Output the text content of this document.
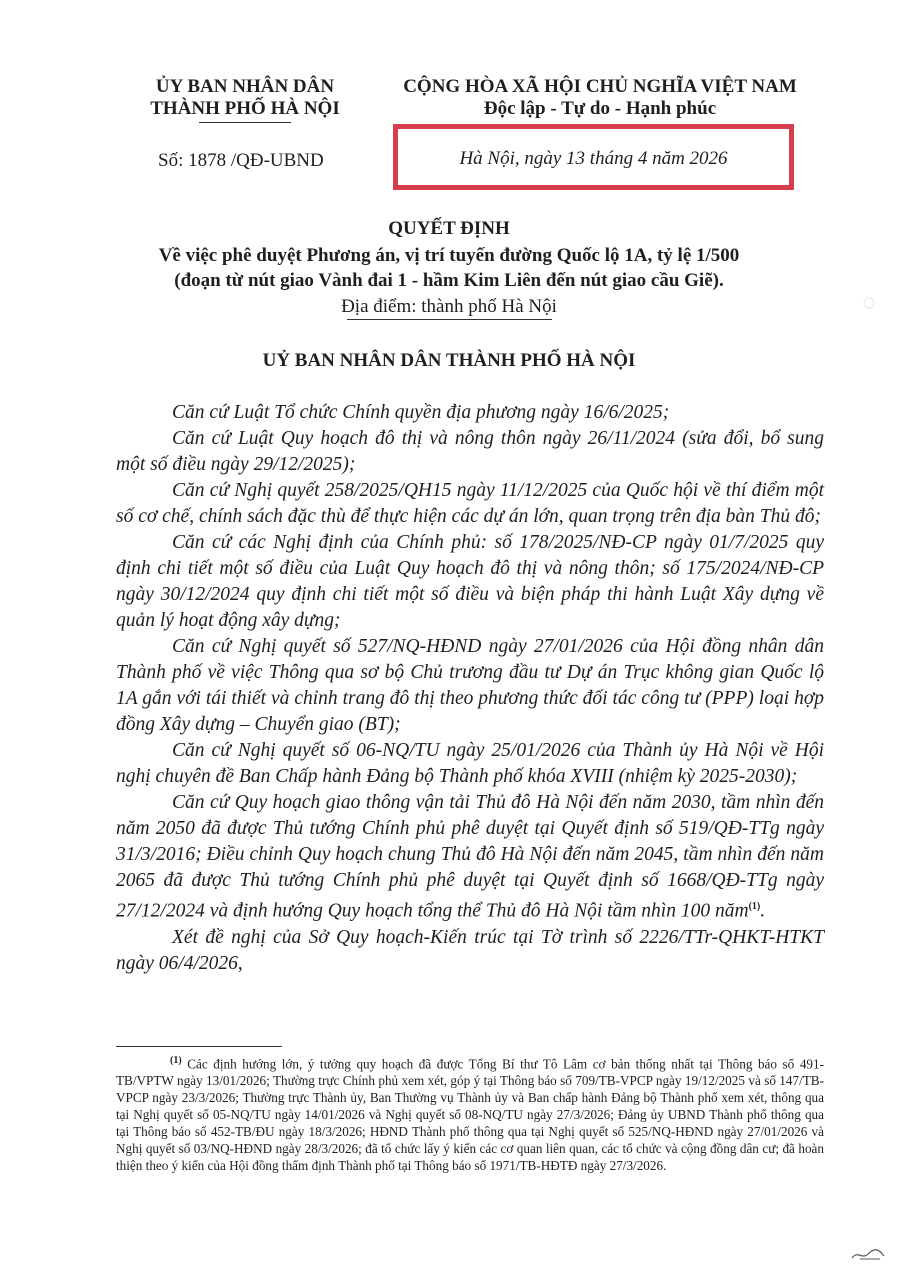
ỦY BAN NHÂN DÂN
THÀNH PHỐ HÀ NỘI
Số: 1878 /QĐ-UBND
CỘNG HÒA XÃ HỘI CHỦ NGHĨA VIỆT NAM
Độc lập - Tự do - Hạnh phúc
Hà Nội, ngày 13 tháng 4 năm 2026
QUYẾT ĐỊNH
Về việc phê duyệt Phương án, vị trí tuyến đường Quốc lộ 1A, tỷ lệ 1/500
(đoạn từ nút giao Vành đai 1 - hầm Kim Liên đến nút giao cầu Giẽ).
Địa điểm: thành phố Hà Nội
UỶ BAN NHÂN DÂN THÀNH PHỐ HÀ NỘI

Căn cứ Luật Tổ chức Chính quyền địa phương ngày 16/6/2025;

Căn cứ Luật Quy hoạch đô thị và nông thôn ngày 26/11/2024 (sửa đổi, bổ sung một số điều ngày 29/12/2025);

Căn cứ Nghị quyết 258/2025/QH15 ngày 11/12/2025 của Quốc hội về thí điểm một số cơ chế, chính sách đặc thù để thực hiện các dự án lớn, quan trọng trên địa bàn Thủ đô;

Căn cứ các Nghị định của Chính phủ: số 178/2025/NĐ-CP ngày 01/7/2025 quy định chi tiết một số điều của Luật Quy hoạch đô thị và nông thôn; số 175/2024/NĐ-CP ngày 30/12/2024 quy định chi tiết một số điều và biện pháp thi hành Luật Xây dựng về quản lý hoạt động xây dựng;

Căn cứ Nghị quyết số 527/NQ-HĐND ngày 27/01/2026 của Hội đồng nhân dân Thành phố về việc Thông qua sơ bộ Chủ trương đầu tư Dự án Trục không gian Quốc lộ 1A gắn với tái thiết và chỉnh trang đô thị theo phương thức đối tác công tư (PPP) loại hợp đồng Xây dựng – Chuyển giao (BT);

Căn cứ Nghị quyết số 06-NQ/TU ngày 25/01/2026 của Thành ủy Hà Nội về Hội nghị chuyên đề Ban Chấp hành Đảng bộ Thành phố khóa XVIII (nhiệm kỳ 2025-2030);

Căn cứ Quy hoạch giao thông vận tải Thủ đô Hà Nội đến năm 2030, tầm nhìn đến năm 2050 đã được Thủ tướng Chính phủ phê duyệt tại Quyết định số 519/QĐ-TTg ngày 31/3/2016; Điều chỉnh Quy hoạch chung Thủ đô Hà Nội đến năm 2045, tầm nhìn đến năm 2065 đã được Thủ tướng Chính phủ phê duyệt tại Quyết định số 1668/QĐ-TTg ngày 27/12/2024 và định hướng Quy hoạch tổng thể Thủ đô Hà Nội tầm nhìn 100 năm$^{(1)}$.

Xét đề nghị của Sở Quy hoạch-Kiến trúc tại Tờ trình số 2226/TTr-QHKT-HTKT ngày 06/4/2026,

$^{(1)}$ Các định hướng lớn, ý tưởng quy hoạch đã được Tổng Bí thư Tô Lâm cơ bản thống nhất tại Thông báo số 491-TB/VPTW ngày 13/01/2026; Thường trực Chính phủ xem xét, góp ý tại Thông báo số 709/TB-VPCP ngày 19/12/2025 và số 147/TB-VPCP ngày 23/3/2026; Thường trực Thành ủy, Ban Thường vụ Thành ủy và Ban chấp hành Đảng bộ Thành phố xem xét, thông qua tại Nghị quyết số 05-NQ/TU ngày 14/01/2026 và Nghị quyết số 08-NQ/TU ngày 27/3/2026; Đảng ủy UBND Thành phố thông qua tại Thông báo số 452-TB/ĐU ngày 18/3/2026; HĐND Thành phố thông qua tại Nghị quyết số 525/NQ-HĐND ngày 27/01/2026 và Nghị quyết số 03/NQ-HĐND ngày 28/3/2026; đã tổ chức lấy ý kiến các cơ quan liên quan, các tổ chức và cộng đồng dân cư; đã hoàn thiện theo ý kiến của Hội đồng thẩm định Thành phố tại Thông báo số 1971/TB-HĐTĐ ngày 27/3/2026.
